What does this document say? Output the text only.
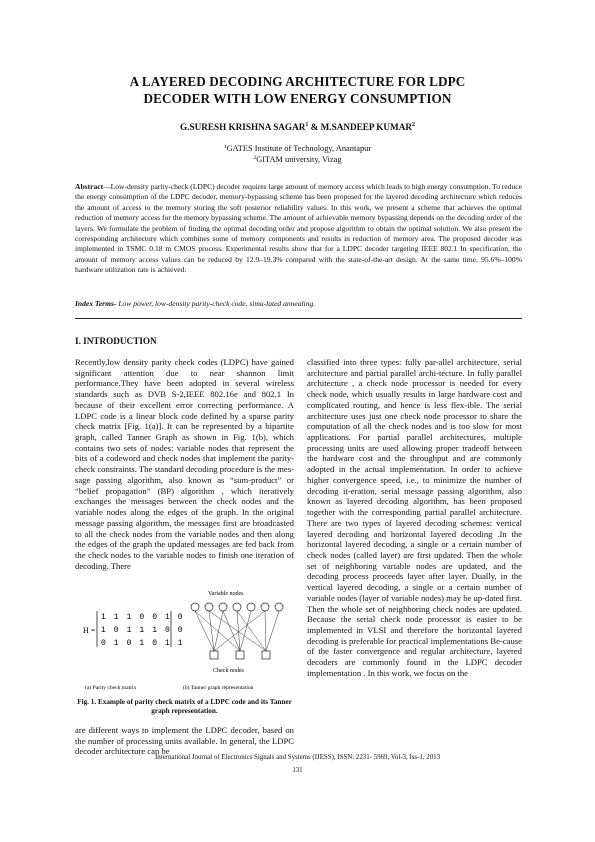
A LAYERED DECODING ARCHITECTURE FOR LDPC
DECODER WITH LOW ENERGY CONSUMPTION
G.SURESH KRISHNA SAGAR$^1$ & M.SANDEEP KUMAR$^2$
$^1$GATES Institute of Technology, Anantapur
$^2$GITAM university, Vizag
Abstract—Low-density parity-check (LDPC) decoder requires large amount of memory access which leads to high energy consumption. To reduce the energy consumption of the LDPC decoder, memory-bypassing scheme has been proposed for the layered decoding architecture which reduces the amount of access to the memory storing the soft posterior reliability values. In this work, we present a scheme that achieves the optimal reduction of memory access for the memory bypassing scheme. The amount of achievable memory bypassing depends on the decoding order of the layers. We formulate the problem of finding the optimal decoding order and propose algorithm to obtain the optimal solution. We also present the corresponding architecture which combines some of memory components and results in reduction of memory area. The proposed decoder was implemented in TSMC 0.18 m CMOS process. Experimental results show that for a LDPC decoder targeting IEEE 802.1 In specification, the amount of memory access values can be reduced by 12.9–19.3% compared with the state-of-the-art design. At the same time, 95.6%–100% hardware utilization rate is achieved.
Index Terms- Low power, low-density parity-check code, simu-lated annealing.
I. INTRODUCTION

Recently,low density parity check codes (LDPC) have gained significant attention due to near shannon limit performance.They have been adopted in several wireless standards such as DVB S-2,IEEE 802.16e and 802.1 In because of their excellent error correcting performance. A LDPC code is a linear block code defined by a sparse parity check matrix [Fig. 1(a)]. It can be represented by a bipartite graph, called Tanner Graph as shown in Fig. 1(b), which contains two sets of nodes: variable nodes that represent the bits of a codeword and check nodes that implement the parity-check constraints. The standard decoding procedure is the mes-sage passing algorithm, also known as “sum-product” or “belief propagation” (BP) algorithm , which iteratively exchanges the messages between the check nodes and the variable nodes along the edges of the graph. In the original message passing algorithm, the messages first are broadcasted to all the check nodes from the variable nodes and then along the edges of the graph the updated messages are fed back from the check nodes to the variable nodes to finish one iteration of decoding. There

H =
1 1 1 0 0 1 0
1 0 1 1 1 0 0
0 1 0 1 0 1 1
Variable nodes
Check nodes
(a) Parity check matrix	(b) Tanner graph representation
Fig. 1. Example of parity check matrix of a LDPC code and its Tanner graph representation.

are different ways to implement the LDPC decoder, based on the number of processing units available. In general, the LDPC decoder architecture can be

classified into three types: fully par-allel architecture, serial architecture and partial parallel archi-tecture. In fully parallel architecture , a check node processor is needed for every check node, which usually results in large hardware cost and complicated routing, and hence is less flex-ible. The serial architecture uses just one check node processor to share the computation of all the check nodes and is too slow for most applications. For partial parallel architectures, multiple processing units are used allowing proper tradeoff between the hardware cost and the throughput and are commonly adopted in the actual implementation. In order to achieve higher convergence speed, i.e., to minimize the number of decoding it-eration, serial message passing algorithm, also known as layered decoding algorithm, has been proposed together with the corresponding partial parallel architecture. There are two types of layered decoding schemes: vertical layered decoding and horizontal layered decoding .In the horizontal layered decoding, a single or a certain number of check nodes (called layer) are first updated. Then the whole set of neighboring variable nodes are updated, and the decoding process proceeds layer after layer. Dually, in the vertical layered decoding, a single or a certain number of variable nodes (layer of variable nodes) may be up-dated first. Then the whole set of neighboring check nodes are updated. Because the serial check node processor is easier to be implemented in VLSI and therefore the horizontal layered decoding is preferable for practical implementations Be-cause of the faster convergence and regular architecture, layered decoders are commonly found in the LDPC decoder implementation . In this work, we focus on the

International Journal of Electronics Signals and Systems (IJESS), ISSN: 2231- 5969, Vol-3, Iss-1, 2013
131
